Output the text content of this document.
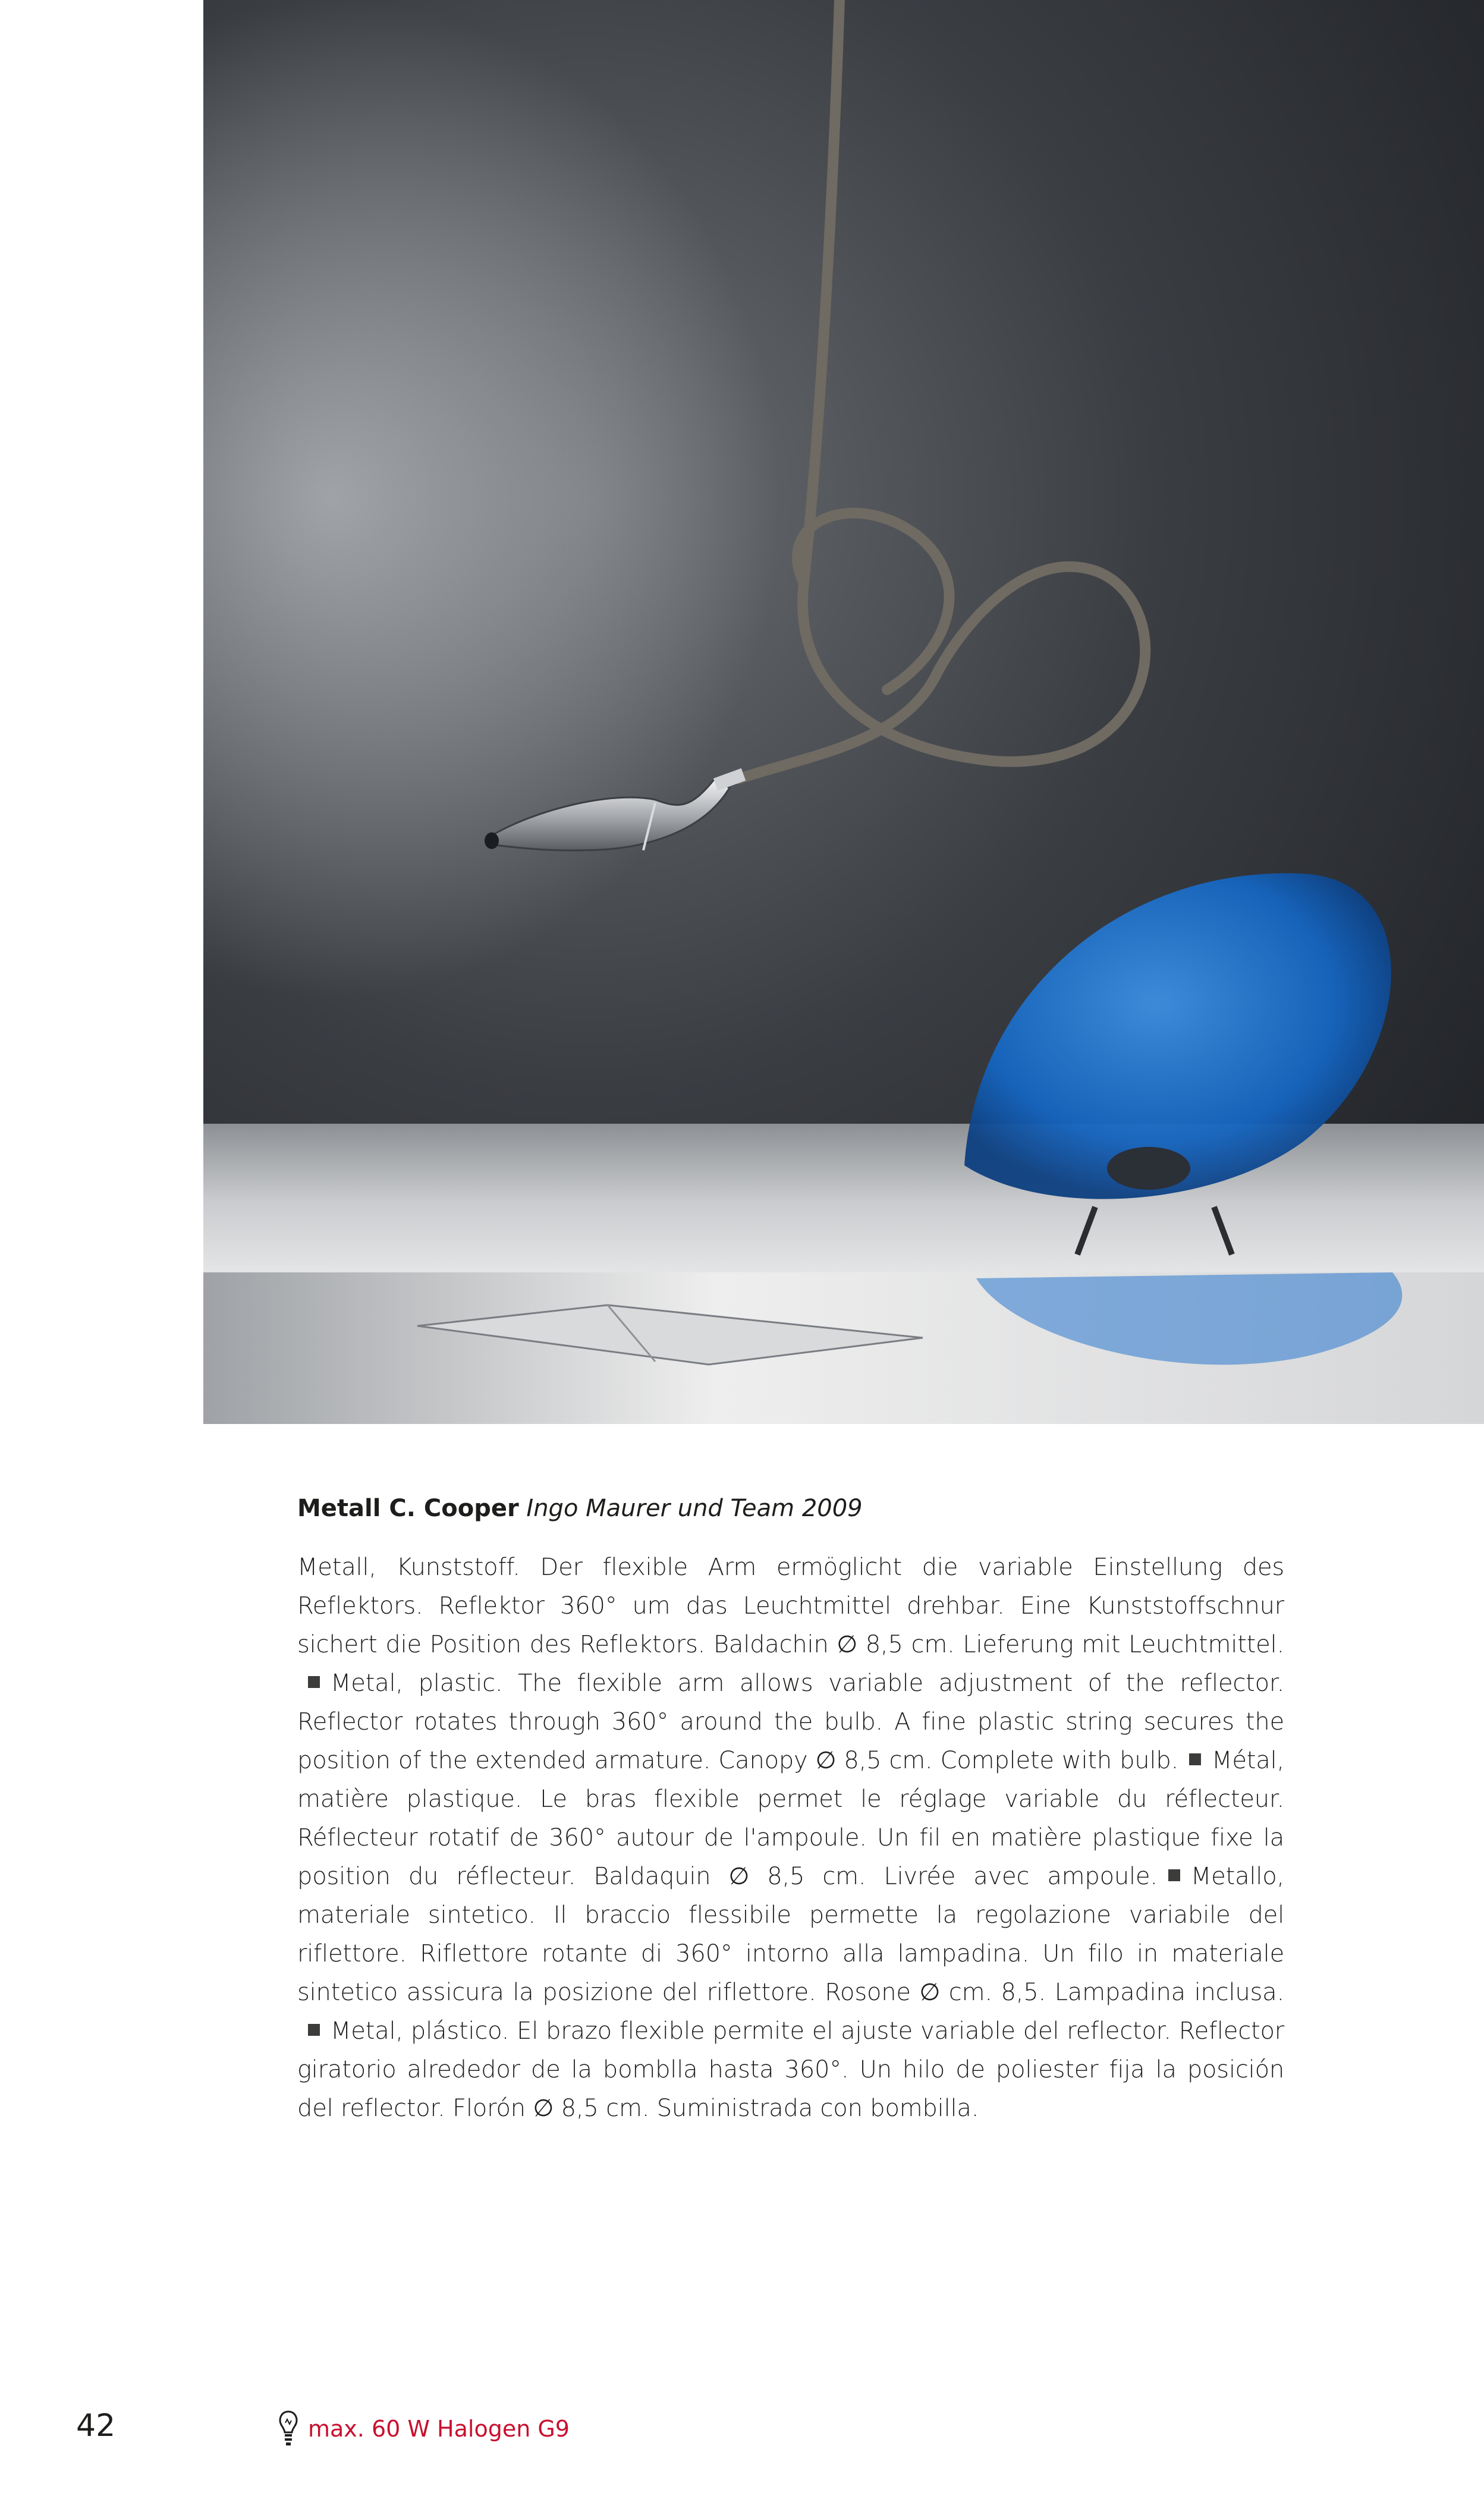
Metall C. Cooper Ingo Maurer und Team 2009

Metall, Kunststoff. Der flexible Arm ermöglicht die variable Einstellung des Reflektors. Reflektor 360° um das Leuchtmittel drehbar. Eine Kunststoffschnur sichert die Position des Reflektors. Baldachin ∅ 8,5 cm. Lieferung mit Leuchtmittel.Metal, plastic. The flexible arm allows variable adjustment of the reflector. Reflector rotates through 360° around the bulb. A fine plastic string secures the position of the extended armature. Canopy ∅ 8,5 cm. Complete with bulb. Métal, matière plastique. Le bras flexible permet le réglage variable du réflecteur. Réflecteur rotatif de 360° autour de l'ampoule. Un fil en matière plastique fixe la position du réflecteur. Baldaquin ∅ 8,5 cm. Livrée avec ampoule. Metallo, materiale sintetico. Il braccio flessibile permette la regolazione variabile del riflettore. Riflettore rotante di 360° intorno alla lampadina. Un filo in materiale sintetico assicura la posizione del riflettore. Rosone ∅ cm. 8,5. Lampadina inclusa.Metal, plástico. El brazo flexible permite el ajuste variable del reflector. Reflector giratorio alrededor de la bomblla hasta 360°. Un hilo de poliester fija la posición del reflector. Florón ∅ 8,5 cm. Suministrada con bombilla.

42	max. 60 W Halogen G9
